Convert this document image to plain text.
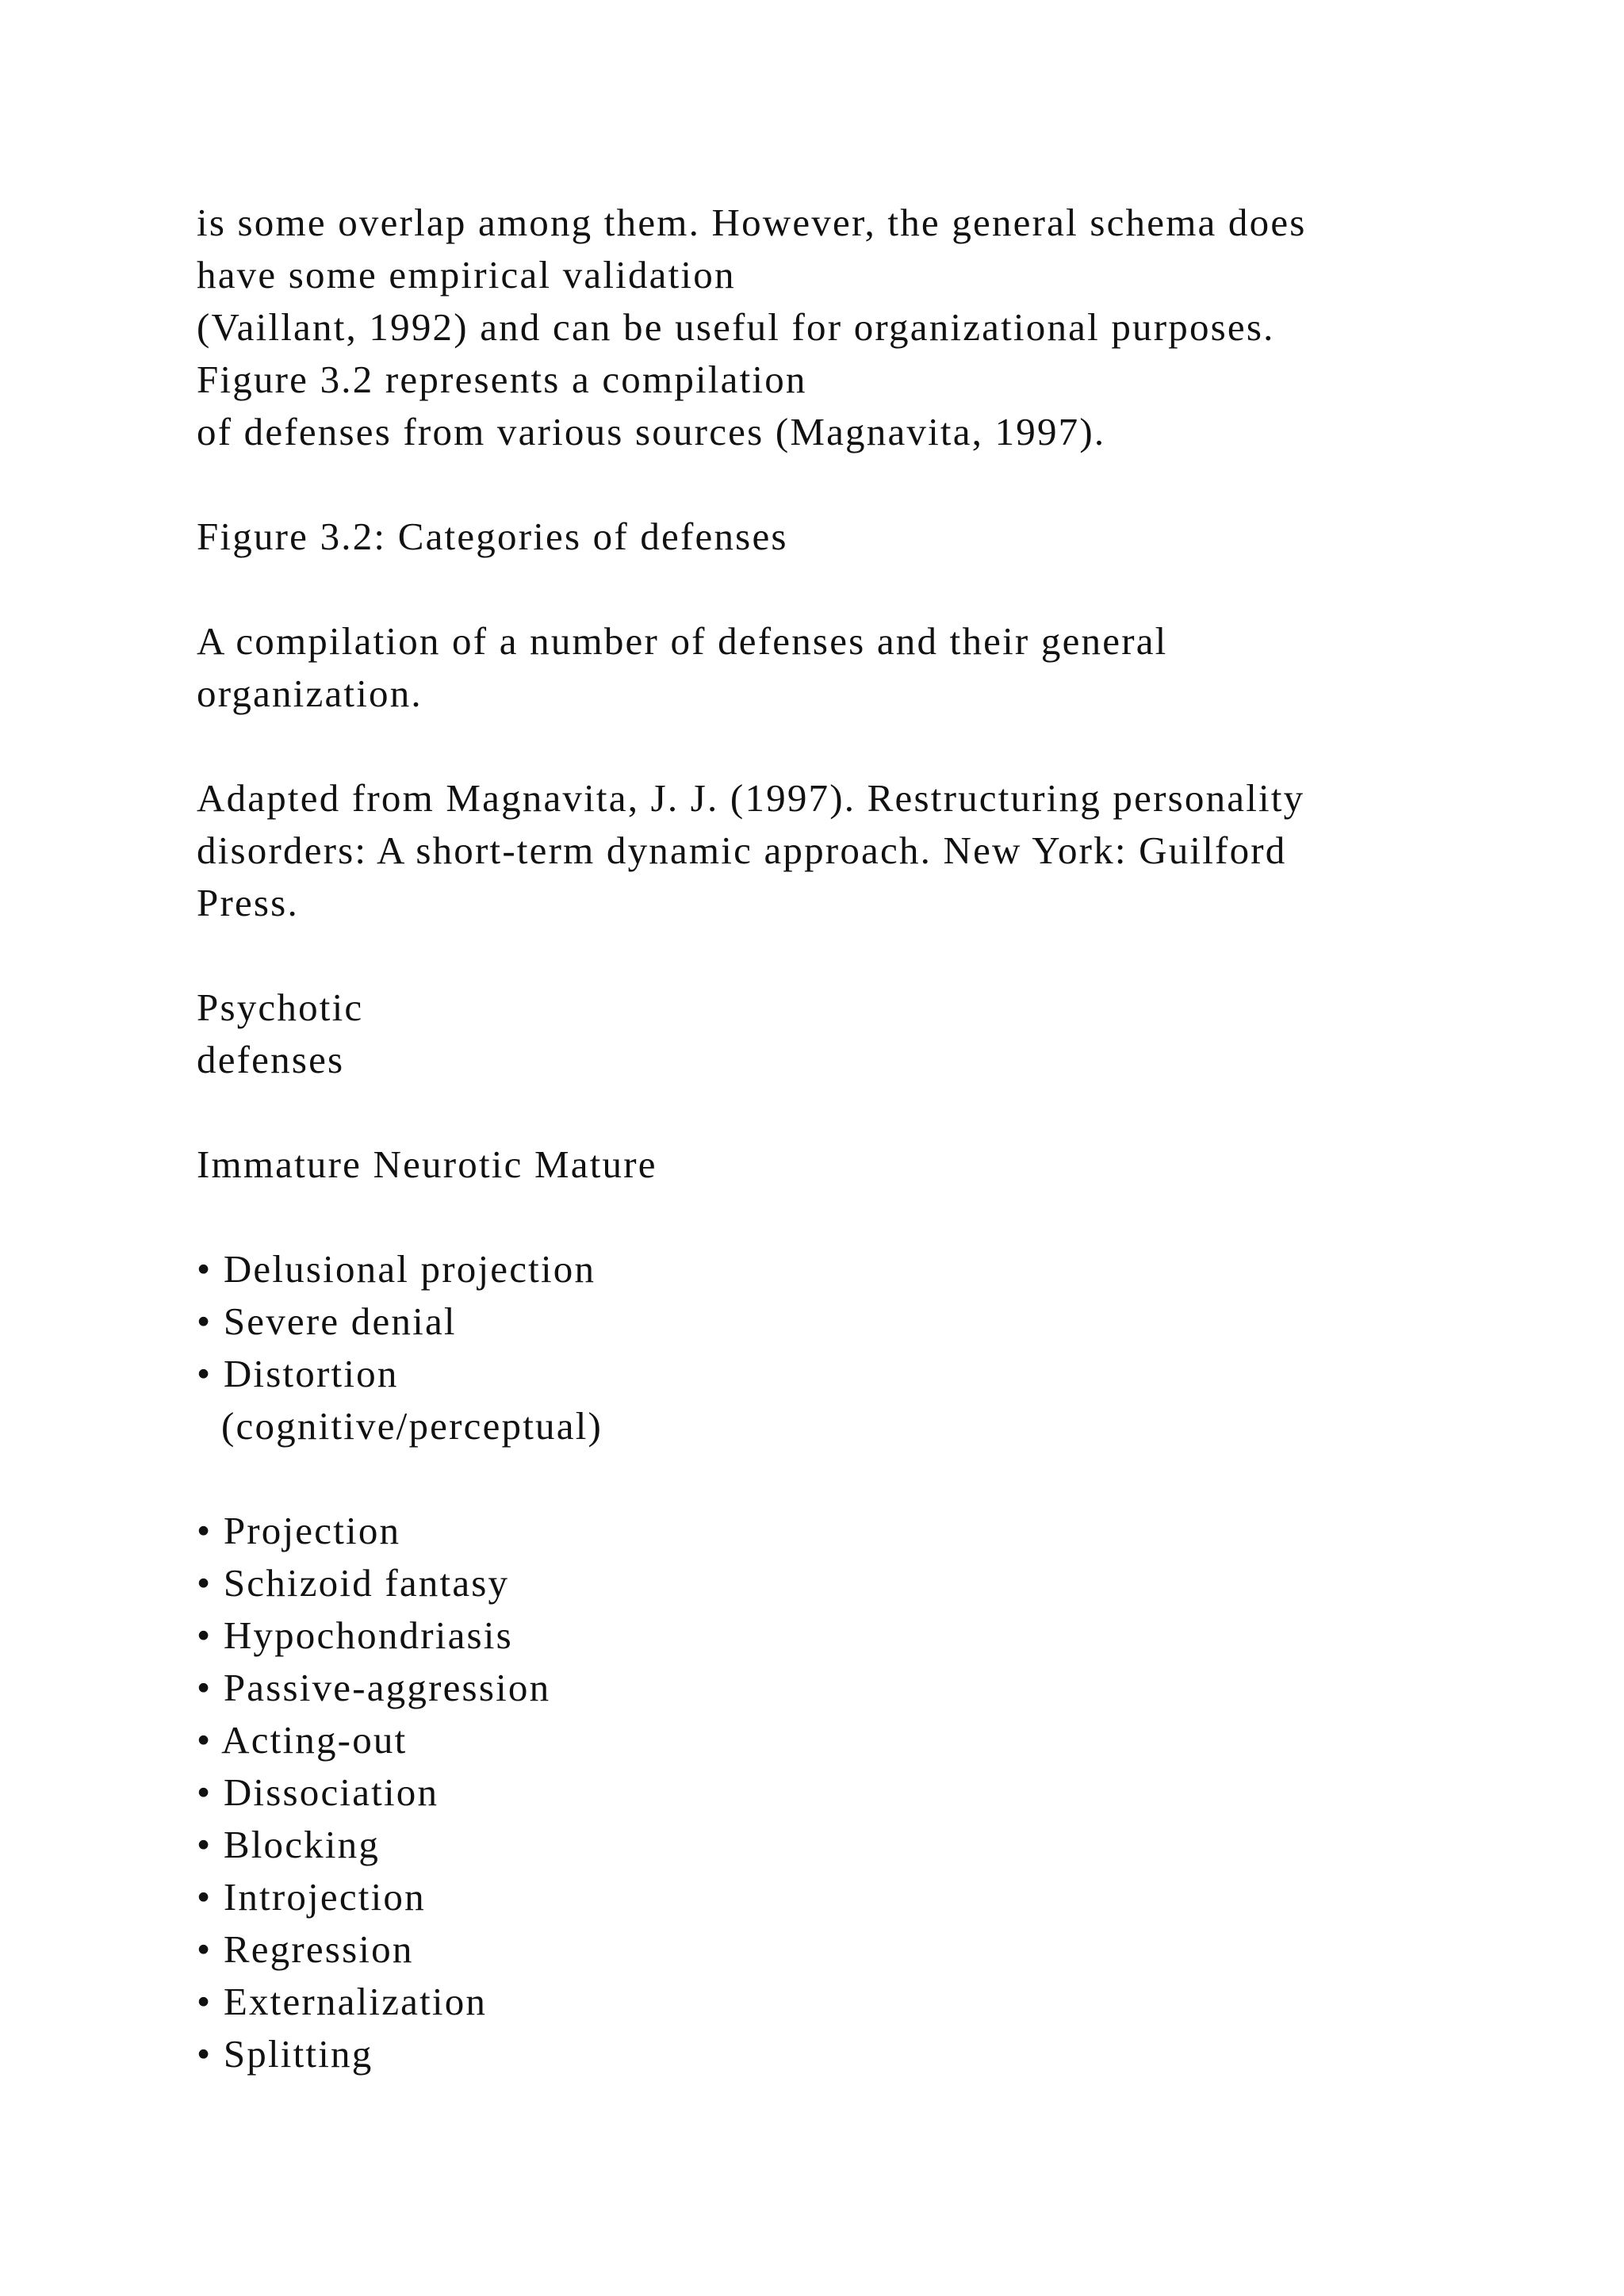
is some overlap among them. However, the general schema does
have some empirical validation
(Vaillant, 1992) and can be useful for organizational purposes.
Figure 3.2 represents a compilation
of defenses from various sources (Magnavita, 1997).
Figure 3.2: Categories of defenses
A compilation of a number of defenses and their general
organization.
Adapted from Magnavita, J. J. (1997). Restructuring personality
disorders: A short-term dynamic approach. New York: Guilford
Press.
Psychotic
defenses
Immature Neurotic Mature
• Delusional projection
• Severe denial
• Distortion
(cognitive/perceptual)
• Projection
• Schizoid fantasy
• Hypochondriasis
• Passive-aggression
• Acting-out
• Dissociation
• Blocking
• Introjection
• Regression
• Externalization
• Splitting
